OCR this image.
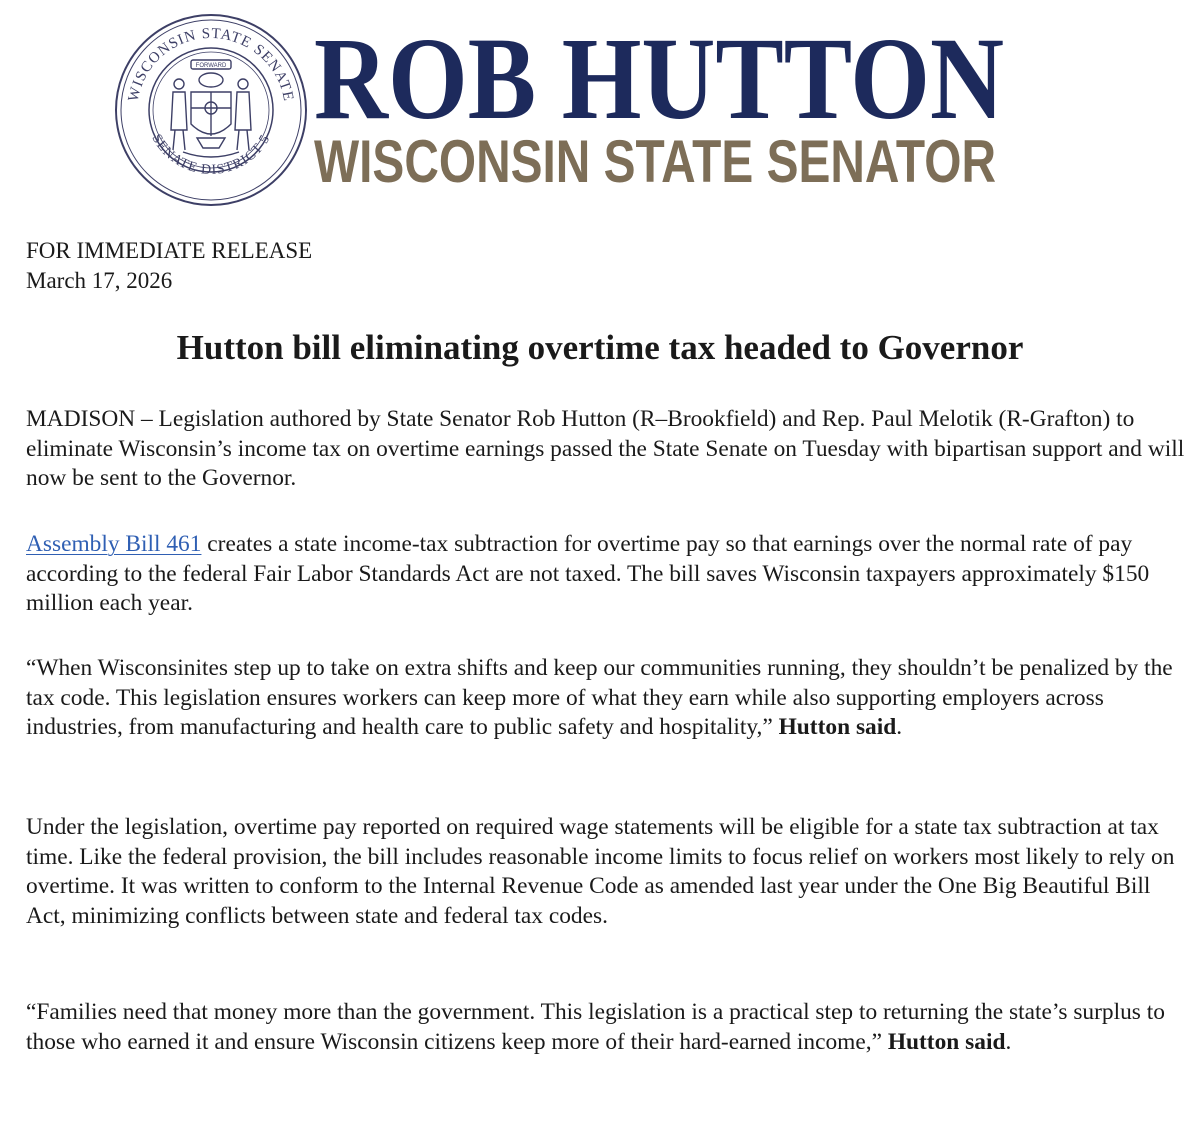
WISCONSIN STATE SENATE
SENATE DISTRICT 5
FORWARD ROB HUTTON
WISCONSIN STATE SENATOR
FOR IMMEDIATE RELEASE
March 17, 2026
Hutton bill eliminating overtime tax headed to Governor

MADISON – Legislation authored by State Senator Rob Hutton (R–Brookfield) and Rep. Paul Melotik (R-Grafton) to eliminate Wisconsin’s income tax on overtime earnings passed the State Senate on Tuesday with bipartisan support and will now be sent to the Governor.

Assembly Bill 461 creates a state income-tax subtraction for overtime pay so that earnings over the normal rate of pay according to the federal Fair Labor Standards Act are not taxed. The bill saves Wisconsin taxpayers approximately $150 million each year.

“When Wisconsinites step up to take on extra shifts and keep our communities running, they shouldn’t be penalized by the tax code. This legislation ensures workers can keep more of what they earn while also supporting employers across industries, from manufacturing and health care to public safety and hospitality,” Hutton said.

Under the legislation, overtime pay reported on required wage statements will be eligible for a state tax subtraction at tax time. Like the federal provision, the bill includes reasonable income limits to focus relief on workers most likely to rely on overtime. It was written to conform to the Internal Revenue Code as amended last year under the One Big Beautiful Bill Act, minimizing conflicts between state and federal tax codes.

“Families need that money more than the government. This legislation is a practical step to returning the state’s surplus to those who earned it and ensure Wisconsin citizens keep more of their hard-earned income,” Hutton said.
